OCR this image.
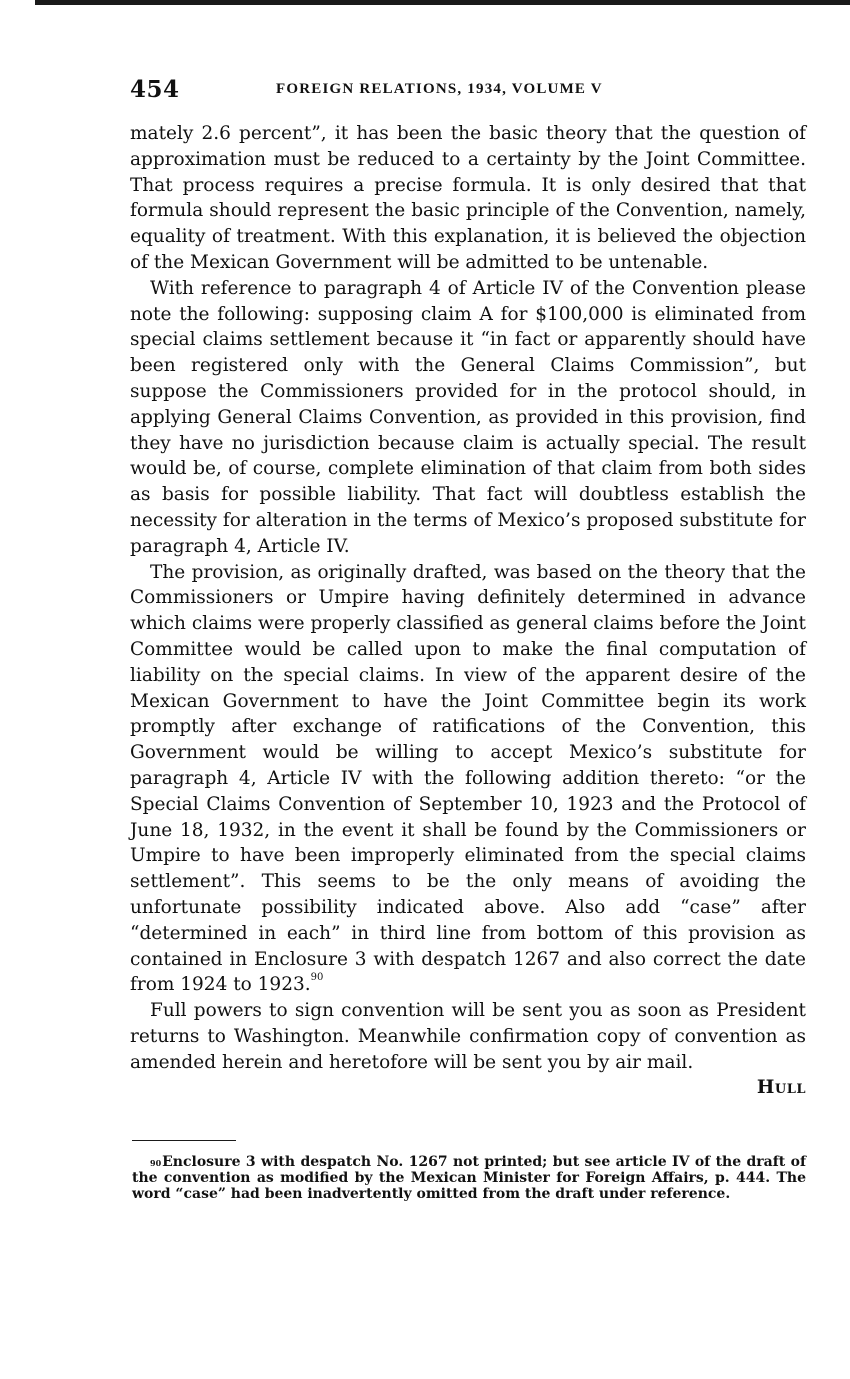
454	FOREIGN RELATIONS, 1934, VOLUME V

mately 2.6 percent”, it has been the basic theory that the question of approximation must be reduced to a certainty by the Joint Committee. That process requires a precise formula. It is only desired that that formula should represent the basic principle of the Convention, namely, equality of treatment. With this explanation, it is believed the objection of the Mexican Government will be admitted to be untenable.

With reference to paragraph 4 of Article IV of the Convention please note the following: supposing claim A for $100,000 is eliminated from special claims settlement because it “in fact or apparently should have been registered only with the General Claims Commission”, but suppose the Commissioners provided for in the protocol should, in applying General Claims Convention, as provided in this provision, find they have no jurisdiction because claim is actually special. The result would be, of course, complete elimination of that claim from both sides as basis for possible liability. That fact will doubtless establish the necessity for alteration in the terms of Mexico’s proposed substitute for paragraph 4, Article IV.

The provision, as originally drafted, was based on the theory that the Commissioners or Umpire having definitely determined in advance which claims were properly classified as general claims before the Joint Committee would be called upon to make the final computation of liability on the special claims. In view of the apparent desire of the Mexican Government to have the Joint Committee begin its work promptly after exchange of ratifications of the Convention, this Government would be willing to accept Mexico’s substitute for paragraph 4, Article IV with the following addition thereto: “or the Special Claims Convention of September 10, 1923 and the Protocol of June 18, 1932, in the event it shall be found by the Commissioners or Umpire to have been improperly eliminated from the special claims settlement”. This seems to be the only means of avoiding the unfortunate possibility indicated above. Also add “case” after “determined in each” in third line from bottom of this provision as contained in Enclosure 3 with despatch 1267 and also correct the date from 1924 to 1923.90

Full powers to sign convention will be sent you as soon as President returns to Washington. Meanwhile confirmation copy of convention as amended herein and heretofore will be sent you by air mail.

Hull
$^{90}$Enclosure 3 with despatch No. 1267 not printed; but see article IV of the draft of the convention as modified by the Mexican Minister for Foreign Affairs, p. 444. The word “case” had been inadvertently omitted from the draft under reference.
